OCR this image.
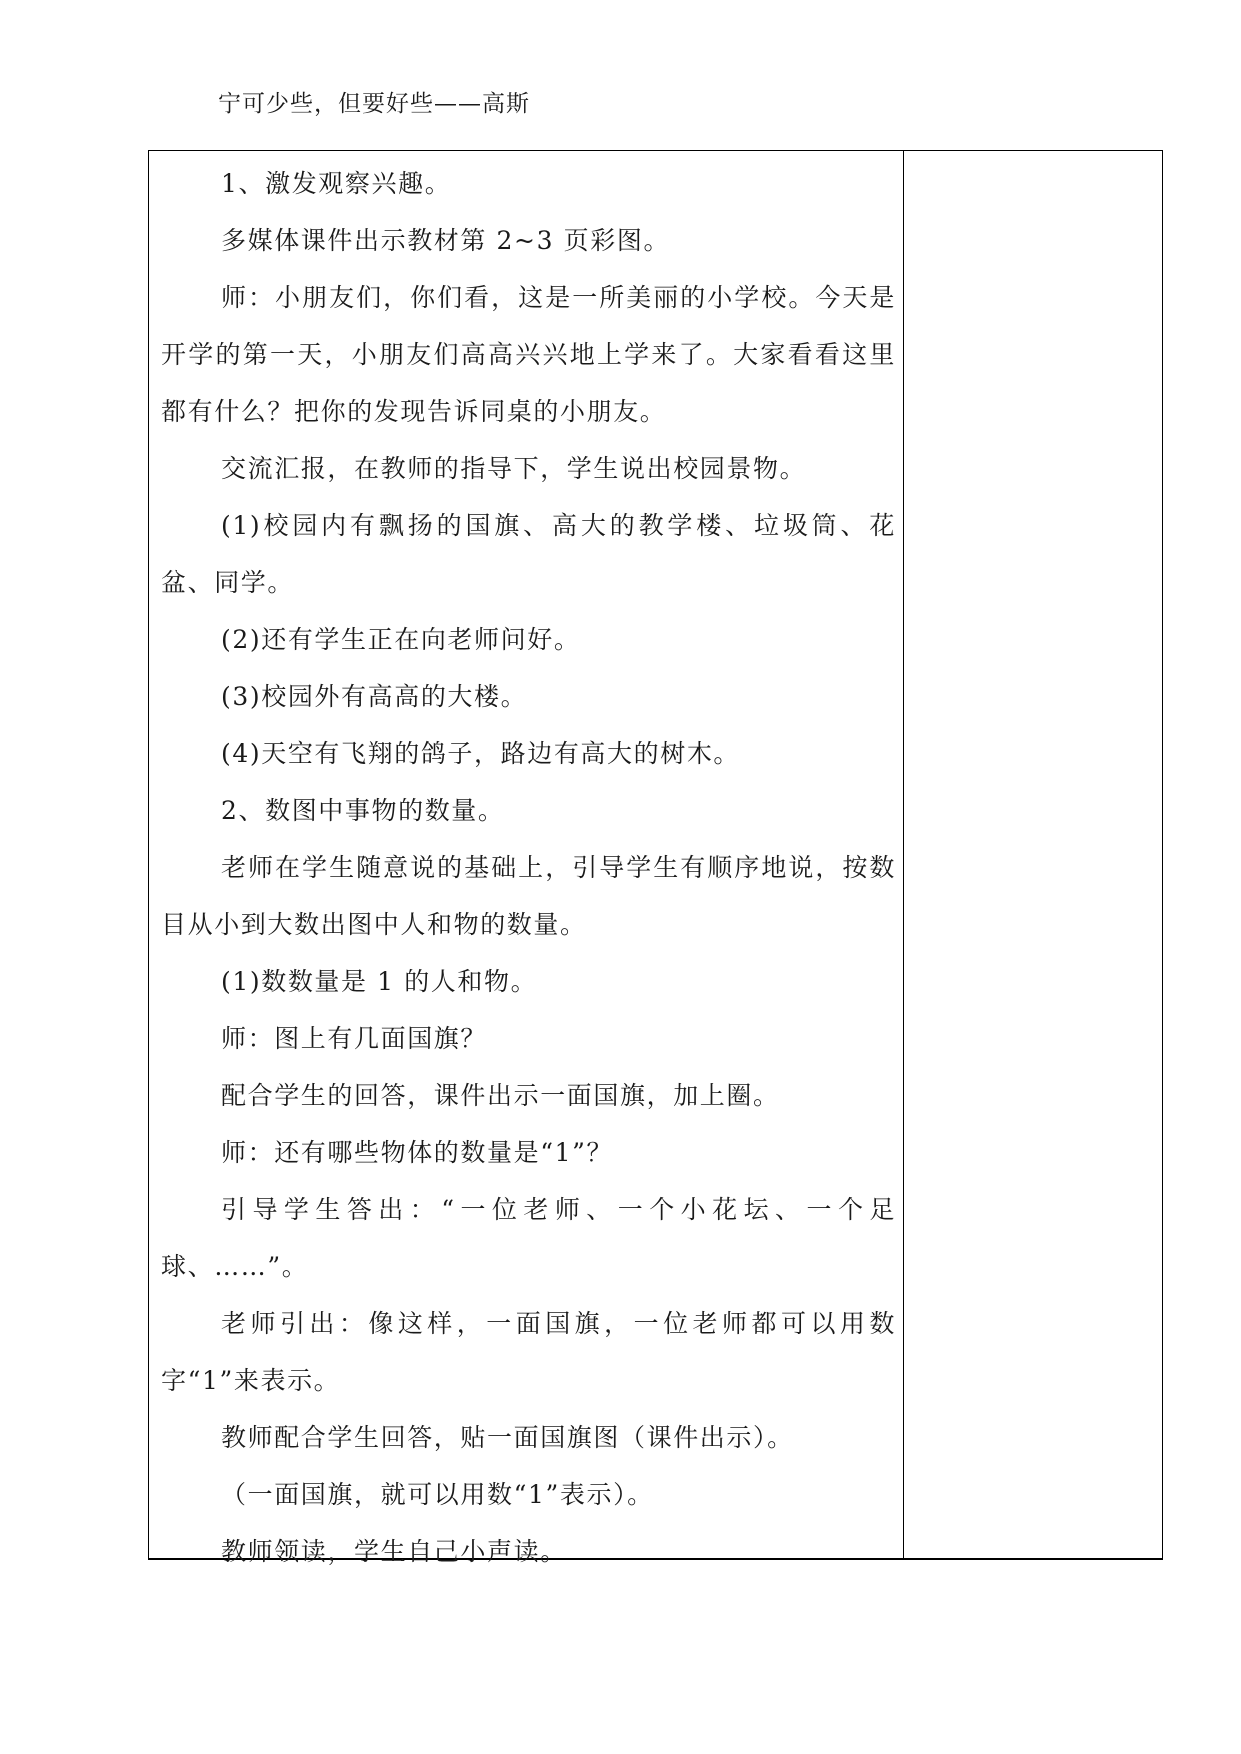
宁可少些，但要好些——高斯

1、激发观察兴趣。

多媒体课件出示教材第 2~3 页彩图。

师：小朋友们，你们看，这是一所美丽的小学校。今天是开学的第一天，小朋友们高高兴兴地上学来了。大家看看这里都有什么？把你的发现告诉同桌的小朋友。

交流汇报，在教师的指导下，学生说出校园景物。

(1)校园内有飘扬的国旗、高大的教学楼、垃圾筒、花盆、同学。

(2)还有学生正在向老师问好。

(3)校园外有高高的大楼。

(4)天空有飞翔的鸽子，路边有高大的树木。

2、数图中事物的数量。

老师在学生随意说的基础上，引导学生有顺序地说，按数目从小到大数出图中人和物的数量。

(1)数数量是 1 的人和物。

师：图上有几面国旗？

配合学生的回答，课件出示一面国旗，加上圈。

师：还有哪些物体的数量是“1”？

引导学生答出：“一位老师、一个小花坛、一个足球、……”。

老师引出：像这样，一面国旗，一位老师都可以用数字“1”来表示。

教师配合学生回答，贴一面国旗图（课件出示）。

（一面国旗，就可以用数“1”表示）。

教师领读，学生自己小声读。
